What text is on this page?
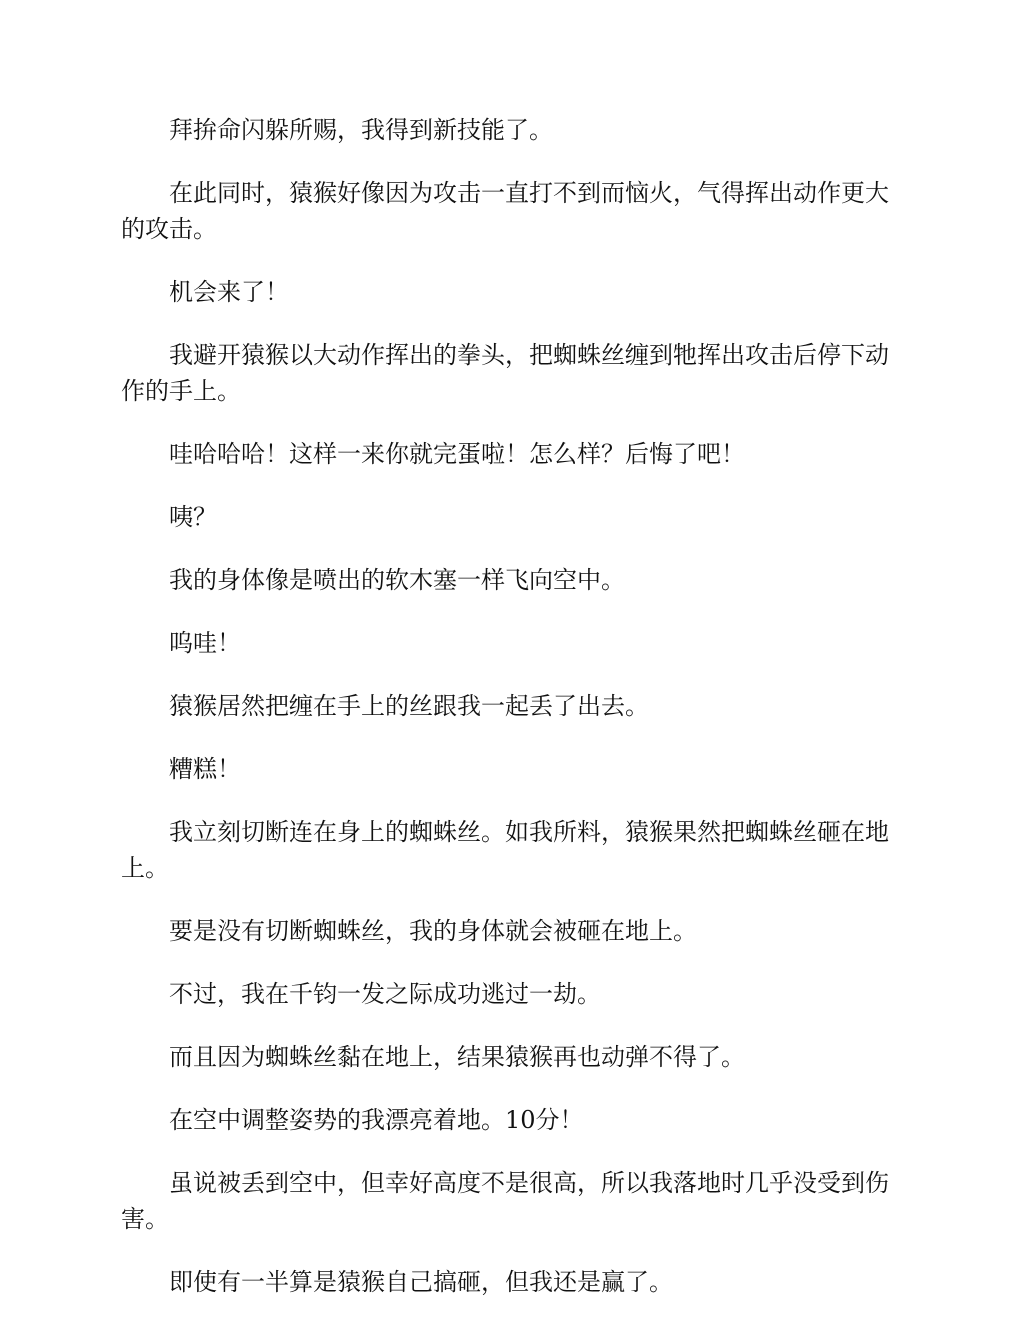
拜拚命闪躲所赐，我得到新技能了。

在此同时，猿猴好像因为攻击一直打不到而恼火，气得挥出动作更大的攻击。

机会来了！

我避开猿猴以大动作挥出的拳头，把蜘蛛丝缠到牠挥出攻击后停下动作的手上。

哇哈哈哈！这样一来你就完蛋啦！怎么样？后悔了吧！

咦？

我的身体像是喷出的软木塞一样飞向空中。

呜哇！

猿猴居然把缠在手上的丝跟我一起丢了出去。

糟糕！

我立刻切断连在身上的蜘蛛丝。如我所料，猿猴果然把蜘蛛丝砸在地上。

要是没有切断蜘蛛丝，我的身体就会被砸在地上。

不过，我在千钧一发之际成功逃过一劫。

而且因为蜘蛛丝黏在地上，结果猿猴再也动弹不得了。

在空中调整姿势的我漂亮着地。10分！

虽说被丢到空中，但幸好高度不是很高，所以我落地时几乎没受到伤害。

即使有一半算是猿猴自己搞砸，但我还是赢了。
